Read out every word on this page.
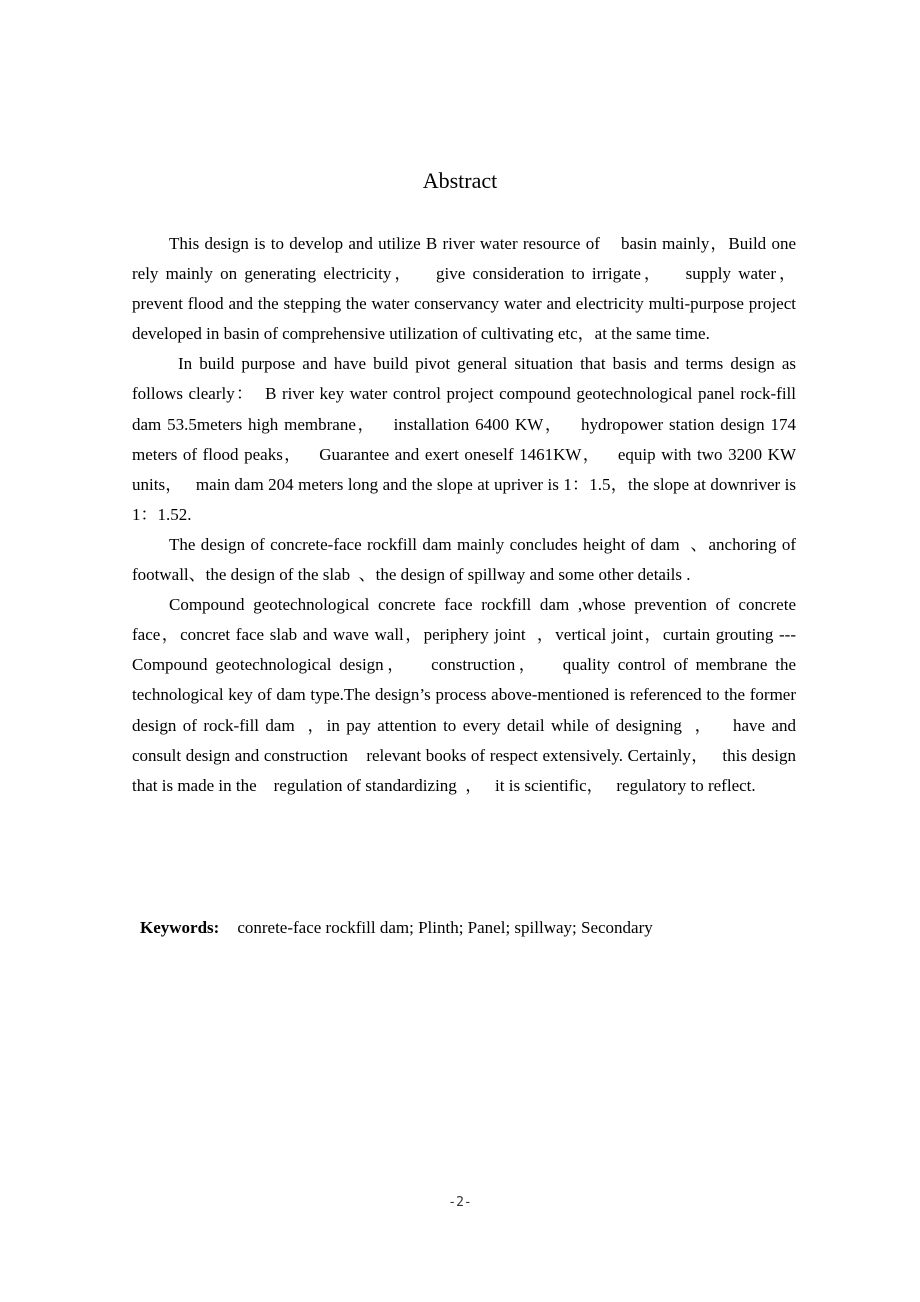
Abstract

This design is to develop and utilize B river water resource of    basin mainly，Build one rely mainly on generating electricity，   give consideration to irrigate，   supply water，   prevent flood and the stepping the water conservancy water and electricity multi-purpose project developed in basin of comprehensive utilization of cultivating etc，at the same time.

In build purpose and have build pivot general situation that basis and terms design as follows clearly：  B river key water control project compound geotechnological panel rock-fill dam 53.5meters high membrane，   installation 6400 KW，   hydropower station design 174 meters of flood peaks，   Guarantee and exert oneself 1461KW，   equip with two 3200 KW units，   main dam 204 meters long and the slope at upriver is 1：1.5，the slope at downriver is 1：1.52.

The design of concrete-face rockfill dam mainly concludes height of dam  、anchoring of footwall、the design of the slab  、the design of spillway and some other details .

Compound geotechnological concrete face rockfill dam ,whose prevention of concrete face，concret face slab and wave wall，periphery joint  ，vertical joint，curtain grouting ---Compound geotechnological design，   construction，   quality control of membrane the technological key of dam type.The design’s process above-mentioned is referenced to the former design of rock-fill dam  ，in pay attention to every detail while of designing  ，   have and consult design and construction    relevant books of respect extensively. Certainly，   this design that is made in the    regulation of standardizing  ，   it is scientific，   regulatory to reflect.

Keywords: conrete-face rockfill dam; Plinth; Panel; spillway; Secondary
-2-
